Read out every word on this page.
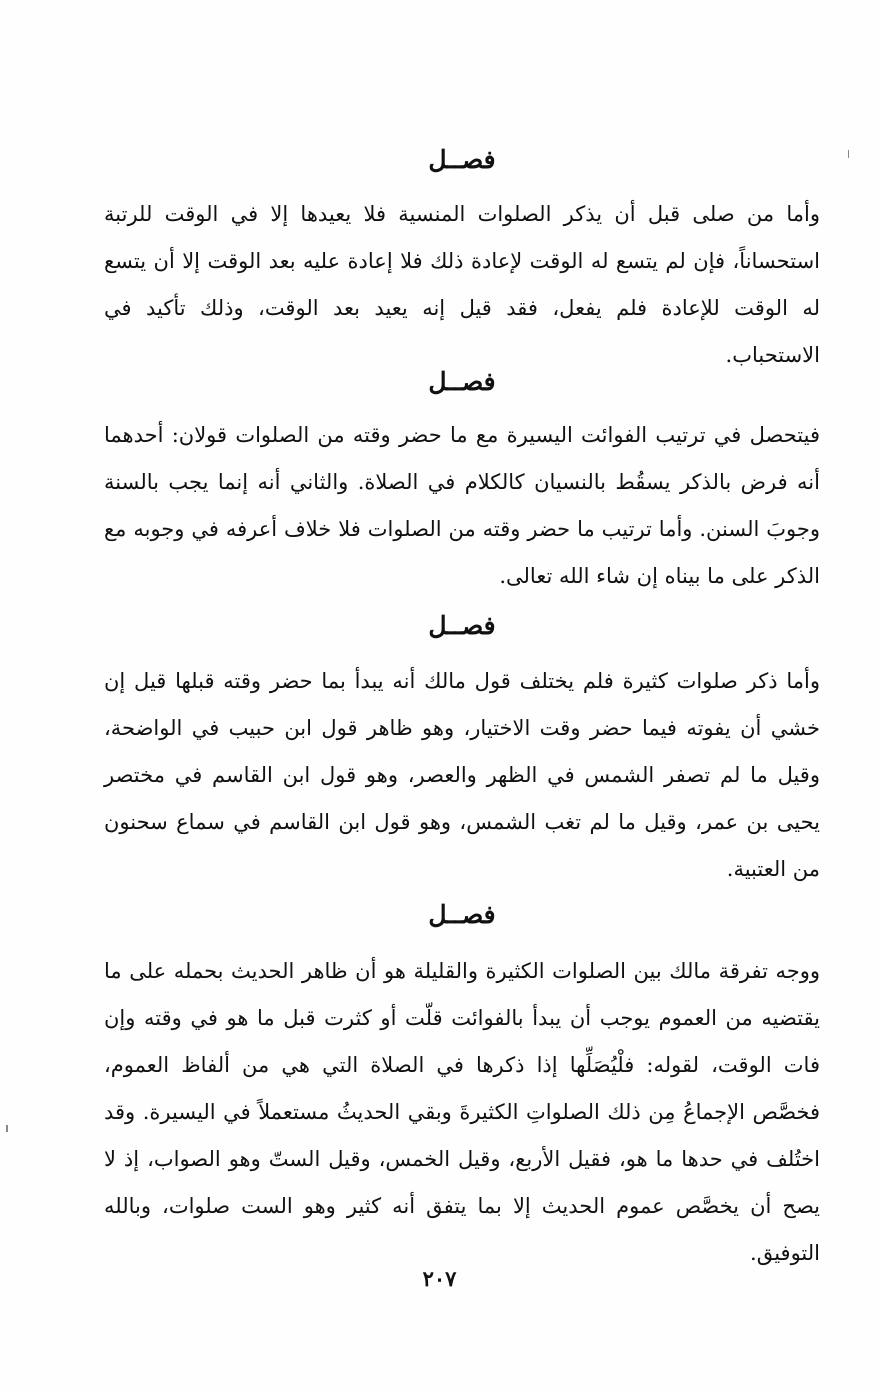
فصــل

وأما من صلى قبل أن يذكر الصلوات المنسية فلا يعيدها إلا في الوقت للرتبة استحساناً، فإن لم يتسع له الوقت لإعادة ذلك فلا إعادة عليه بعد الوقت إلا أن يتسع له الوقت للإعادة فلم يفعل، فقد قيل إنه يعيد بعد الوقت، وذلك تأكيد في الاستحباب.

فصــل

فيتحصل في ترتيب الفوائت اليسيرة مع ما حضر وقته من الصلوات قولان: أحدهما أنه فرض بالذكر يسقُط بالنسيان كالكلام في الصلاة. والثاني أنه إنما يجب بالسنة وجوبَ السنن. وأما ترتيب ما حضر وقته من الصلوات فلا خلاف أعرفه في وجوبه مع الذكر على ما بيناه إن شاء الله تعالى.

فصــل

وأما ذكر صلوات كثيرة فلم يختلف قول مالك أنه يبدأ بما حضر وقته قبلها قيل إن خشي أن يفوته فيما حضر وقت الاختيار، وهو ظاهر قول ابن حبيب في الواضحة، وقيل ما لم تصفر الشمس في الظهر والعصر، وهو قول ابن القاسم في مختصر يحيى بن عمر، وقيل ما لم تغب الشمس، وهو قول ابن القاسم في سماع سحنون من العتبية.

فصــل

ووجه تفرقة مالك بين الصلوات الكثيرة والقليلة هو أن ظاهر الحديث بحمله على ما يقتضيه من العموم يوجب أن يبدأ بالفوائت قلّت أو كثرت قبل ما هو في وقته وإن فات الوقت، لقوله: فلْيُصَلِّها إذا ذكرها في الصلاة التي هي من ألفاظ العموم، فخصَّص الإجماعُ مِن ذلك الصلواتِ الكثيرةَ وبقي الحديثُ مستعملاً في اليسيرة. وقد اختُلف في حدها ما هو، فقيل الأربع، وقيل الخمس، وقيل الستّ وهو الصواب، إذ لا يصح أن يخصَّص عموم الحديث إلا بما يتفق أنه كثير وهو الست صلوات، وبالله التوفيق.

٢٠٧
